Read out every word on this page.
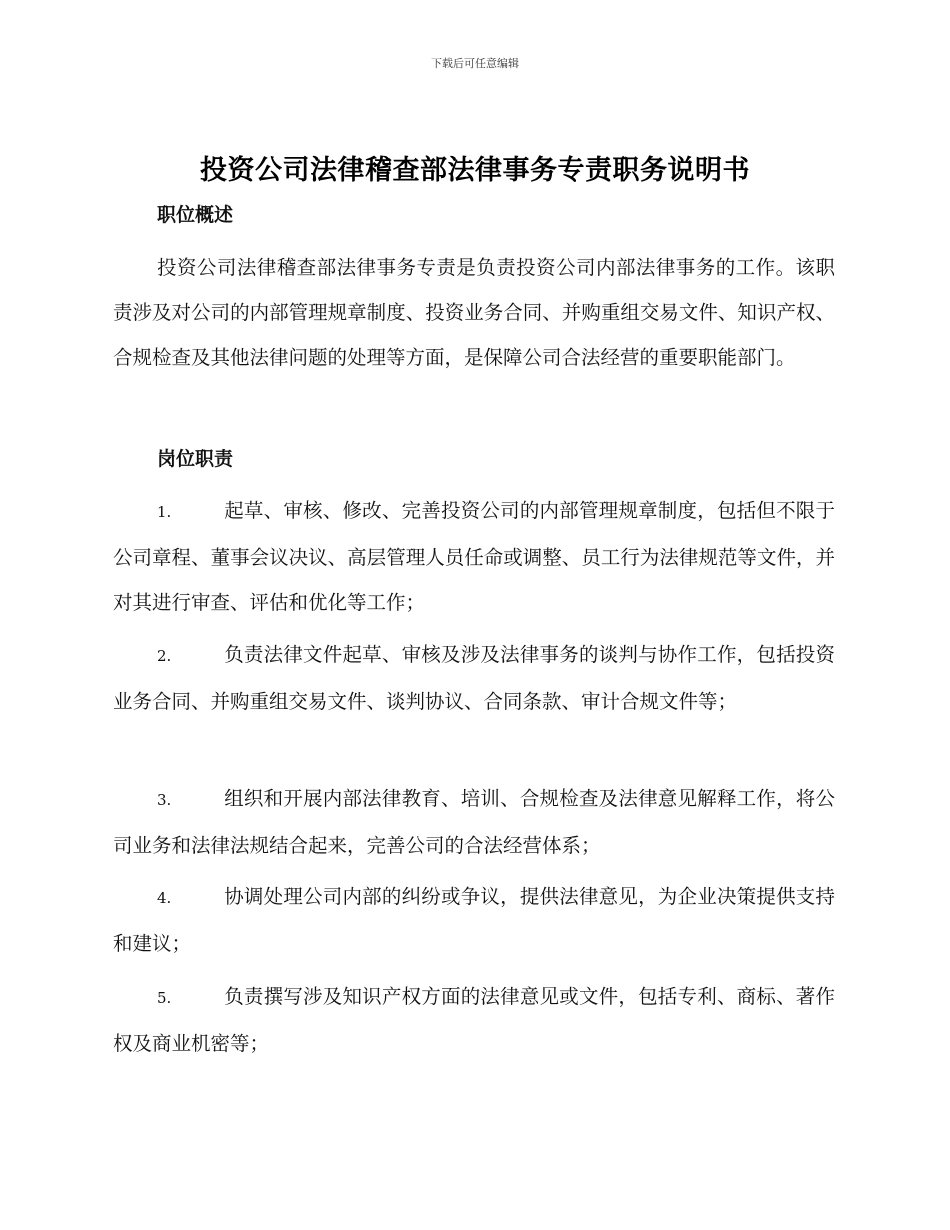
下载后可任意编辑
投资公司法律稽查部法律事务专责职务说明书
职位概述

投资公司法律稽查部法律事务专责是负责投资公司内部法律事务的工作。该职责涉及对公司的内部管理规章制度、投资业务合同、并购重组交易文件、知识产权、合规检查及其他法律问题的处理等方面，是保障公司合法经营的重要职能部门。

岗位职责

1.	起草、审核、修改、完善投资公司的内部管理规章制度，包括但不限于公司章程、董事会议决议、高层管理人员任命或调整、员工行为法律规范等文件，并对其进行审查、评估和优化等工作；

2.	负责法律文件起草、审核及涉及法律事务的谈判与协作工作，包括投资业务合同、并购重组交易文件、谈判协议、合同条款、审计合规文件等；

3.	组织和开展内部法律教育、培训、合规检查及法律意见解释工作，将公司业务和法律法规结合起来，完善公司的合法经营体系；

4.	协调处理公司内部的纠纷或争议，提供法律意见，为企业决策提供支持和建议；

5.	负责撰写涉及知识产权方面的法律意见或文件，包括专利、商标、著作权及商业机密等；
